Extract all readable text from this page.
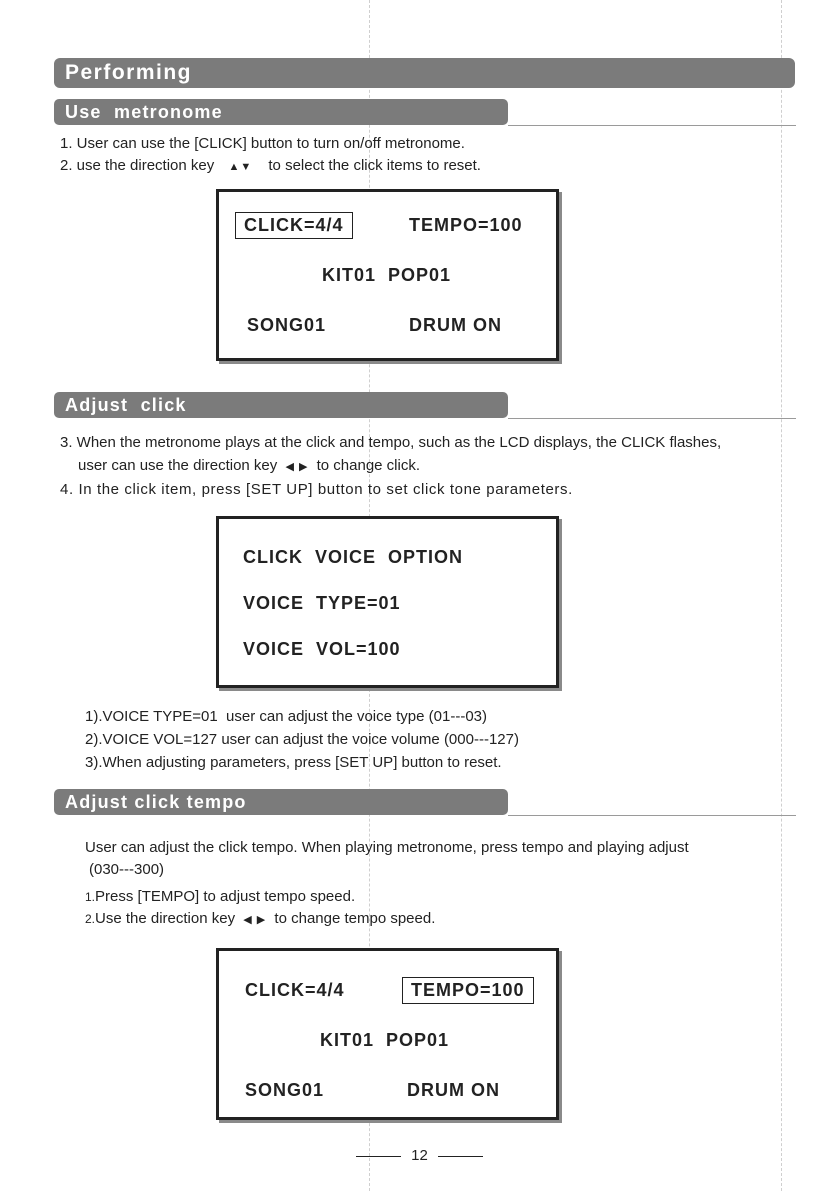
Performing
Use  metronome
1. User can use the [CLICK] button to turn on/off metronome.
2. use the direction key ▲▼ to select the click items to reset.
CLICK=4/4	TEMPO=100
KIT01  POP01
SONG01	DRUM ON
Adjust  click
3. When the metronome plays at the click and tempo, such as the LCD displays, the CLICK flashes,
user can use the direction key ◀ ▶ to change click.
4. In the click item, press [SET UP] button to set click tone parameters.
CLICK  VOICE  OPTION
VOICE  TYPE=01
VOICE  VOL=100
1).VOICE TYPE=01  user can adjust the voice type (01---03)
2).VOICE VOL=127 user can adjust the voice volume (000---127)
3).When adjusting parameters, press [SET UP] button to reset.
Adjust click tempo
User can adjust the click tempo. When playing metronome, press tempo and playing adjust
(030---300)
1.Press [TEMPO] to adjust tempo speed.
2.Use the direction key ◀ ▶ to change tempo speed.
CLICK=4/4	TEMPO=100
KIT01  POP01
SONG01	DRUM ON
12
